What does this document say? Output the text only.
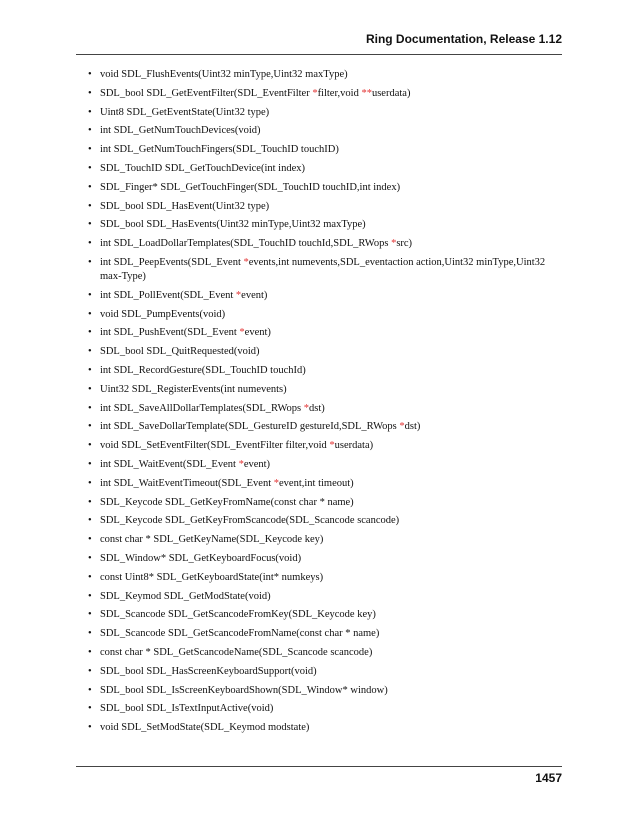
Ring Documentation, Release 1.12
• void SDL_FlushEvents(Uint32 minType,Uint32 maxType)
• SDL_bool SDL_GetEventFilter(SDL_EventFilter *filter,void **userdata)
• Uint8 SDL_GetEventState(Uint32 type)
• int SDL_GetNumTouchDevices(void)
• int SDL_GetNumTouchFingers(SDL_TouchID touchID)
• SDL_TouchID SDL_GetTouchDevice(int index)
• SDL_Finger* SDL_GetTouchFinger(SDL_TouchID touchID,int index)
• SDL_bool SDL_HasEvent(Uint32 type)
• SDL_bool SDL_HasEvents(Uint32 minType,Uint32 maxType)
• int SDL_LoadDollarTemplates(SDL_TouchID touchId,SDL_RWops *src)
• int SDL_PeepEvents(SDL_Event *events,int numevents,SDL_eventaction action,Uint32 minType,Uint32 max-Type)
• int SDL_PollEvent(SDL_Event *event)
• void SDL_PumpEvents(void)
• int SDL_PushEvent(SDL_Event *event)
• SDL_bool SDL_QuitRequested(void)
• int SDL_RecordGesture(SDL_TouchID touchId)
• Uint32 SDL_RegisterEvents(int numevents)
• int SDL_SaveAllDollarTemplates(SDL_RWops *dst)
• int SDL_SaveDollarTemplate(SDL_GestureID gestureId,SDL_RWops *dst)
• void SDL_SetEventFilter(SDL_EventFilter filter,void *userdata)
• int SDL_WaitEvent(SDL_Event *event)
• int SDL_WaitEventTimeout(SDL_Event *event,int timeout)
• SDL_Keycode SDL_GetKeyFromName(const char * name)
• SDL_Keycode SDL_GetKeyFromScancode(SDL_Scancode scancode)
• const char * SDL_GetKeyName(SDL_Keycode key)
• SDL_Window* SDL_GetKeyboardFocus(void)
• const Uint8* SDL_GetKeyboardState(int* numkeys)
• SDL_Keymod SDL_GetModState(void)
• SDL_Scancode SDL_GetScancodeFromKey(SDL_Keycode key)
• SDL_Scancode SDL_GetScancodeFromName(const char * name)
• const char * SDL_GetScancodeName(SDL_Scancode scancode)
• SDL_bool SDL_HasScreenKeyboardSupport(void)
• SDL_bool SDL_IsScreenKeyboardShown(SDL_Window* window)
• SDL_bool SDL_IsTextInputActive(void)
• void SDL_SetModState(SDL_Keymod modstate)
1457
